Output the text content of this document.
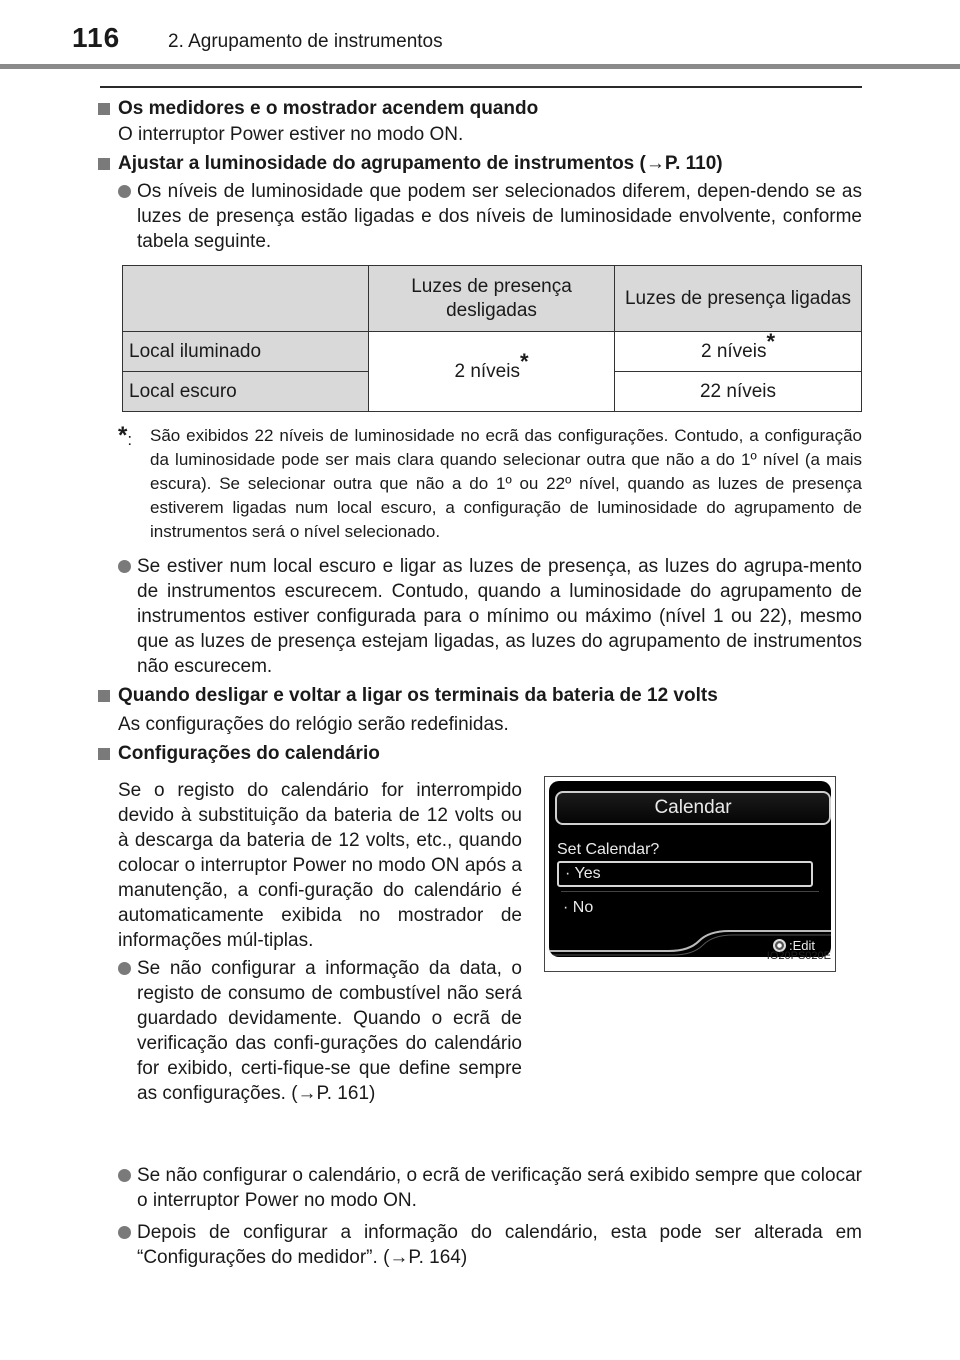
116	2. Agrupamento de instrumentos
Os medidores e o mostrador acendem quando
O interruptor Power estiver no modo ON.
Ajustar a luminosidade do agrupamento de instrumentos (→P. 110)
Os níveis de luminosidade que podem ser selecionados diferem, depen-dendo se as luzes de presença estão ligadas e dos níveis de luminosidade envolvente, conforme tabela seguinte.
	Luzes de presença desligadas	Luzes de presença ligadas
Local iluminado	2 níveis*	2 níveis*
Local escuro		22 níveis
*:	São exibidos 22 níveis de luminosidade no ecrã das configurações. Contudo, a configuração da luminosidade pode ser mais clara quando selecionar outra que não a do 1º nível (a mais escura). Se selecionar outra que não a do 1º ou 22º nível, quando as luzes de presença estiverem ligadas num local escuro, a configuração de luminosidade do agrupamento de instrumentos será o nível selecionado.
Se estiver num local escuro e ligar as luzes de presença, as luzes do agrupa-mento de instrumentos escurecem. Contudo, quando a luminosidade do agrupamento de instrumentos estiver configurada para o mínimo ou máximo (nível 1 ou 22), mesmo que as luzes de presença estejam ligadas, as luzes do agrupamento de instrumentos não escurecem.
Quando desligar e voltar a ligar os terminais da bateria de 12 volts
As configurações do relógio serão redefinidas.
Configurações do calendário
Se o registo do calendário for interrompido devido à substituição da bateria de 12 volts ou à descarga da bateria de 12 volts, etc., quando colocar o interruptor Power no modo ON após a manutenção, a confi-guração do calendário é automaticamente exibida no mostrador de informações múl-tiplas.
Se não configurar a informação da data, o registo de consumo de combustível não será guardado devidamente. Quando o ecrã de verificação das confi-gurações do calendário for exibido, certi-fique-se que define sempre as configurações. (→P. 161)
Calendar
Set Calendar?
· Yes
· No
:Edit
IO20PS020E
Se não configurar o calendário, o ecrã de verificação será exibido sempre que colocar o interruptor Power no modo ON.
Depois de configurar a informação do calendário, esta pode ser alterada em “Configurações do medidor”. (→P. 164)
